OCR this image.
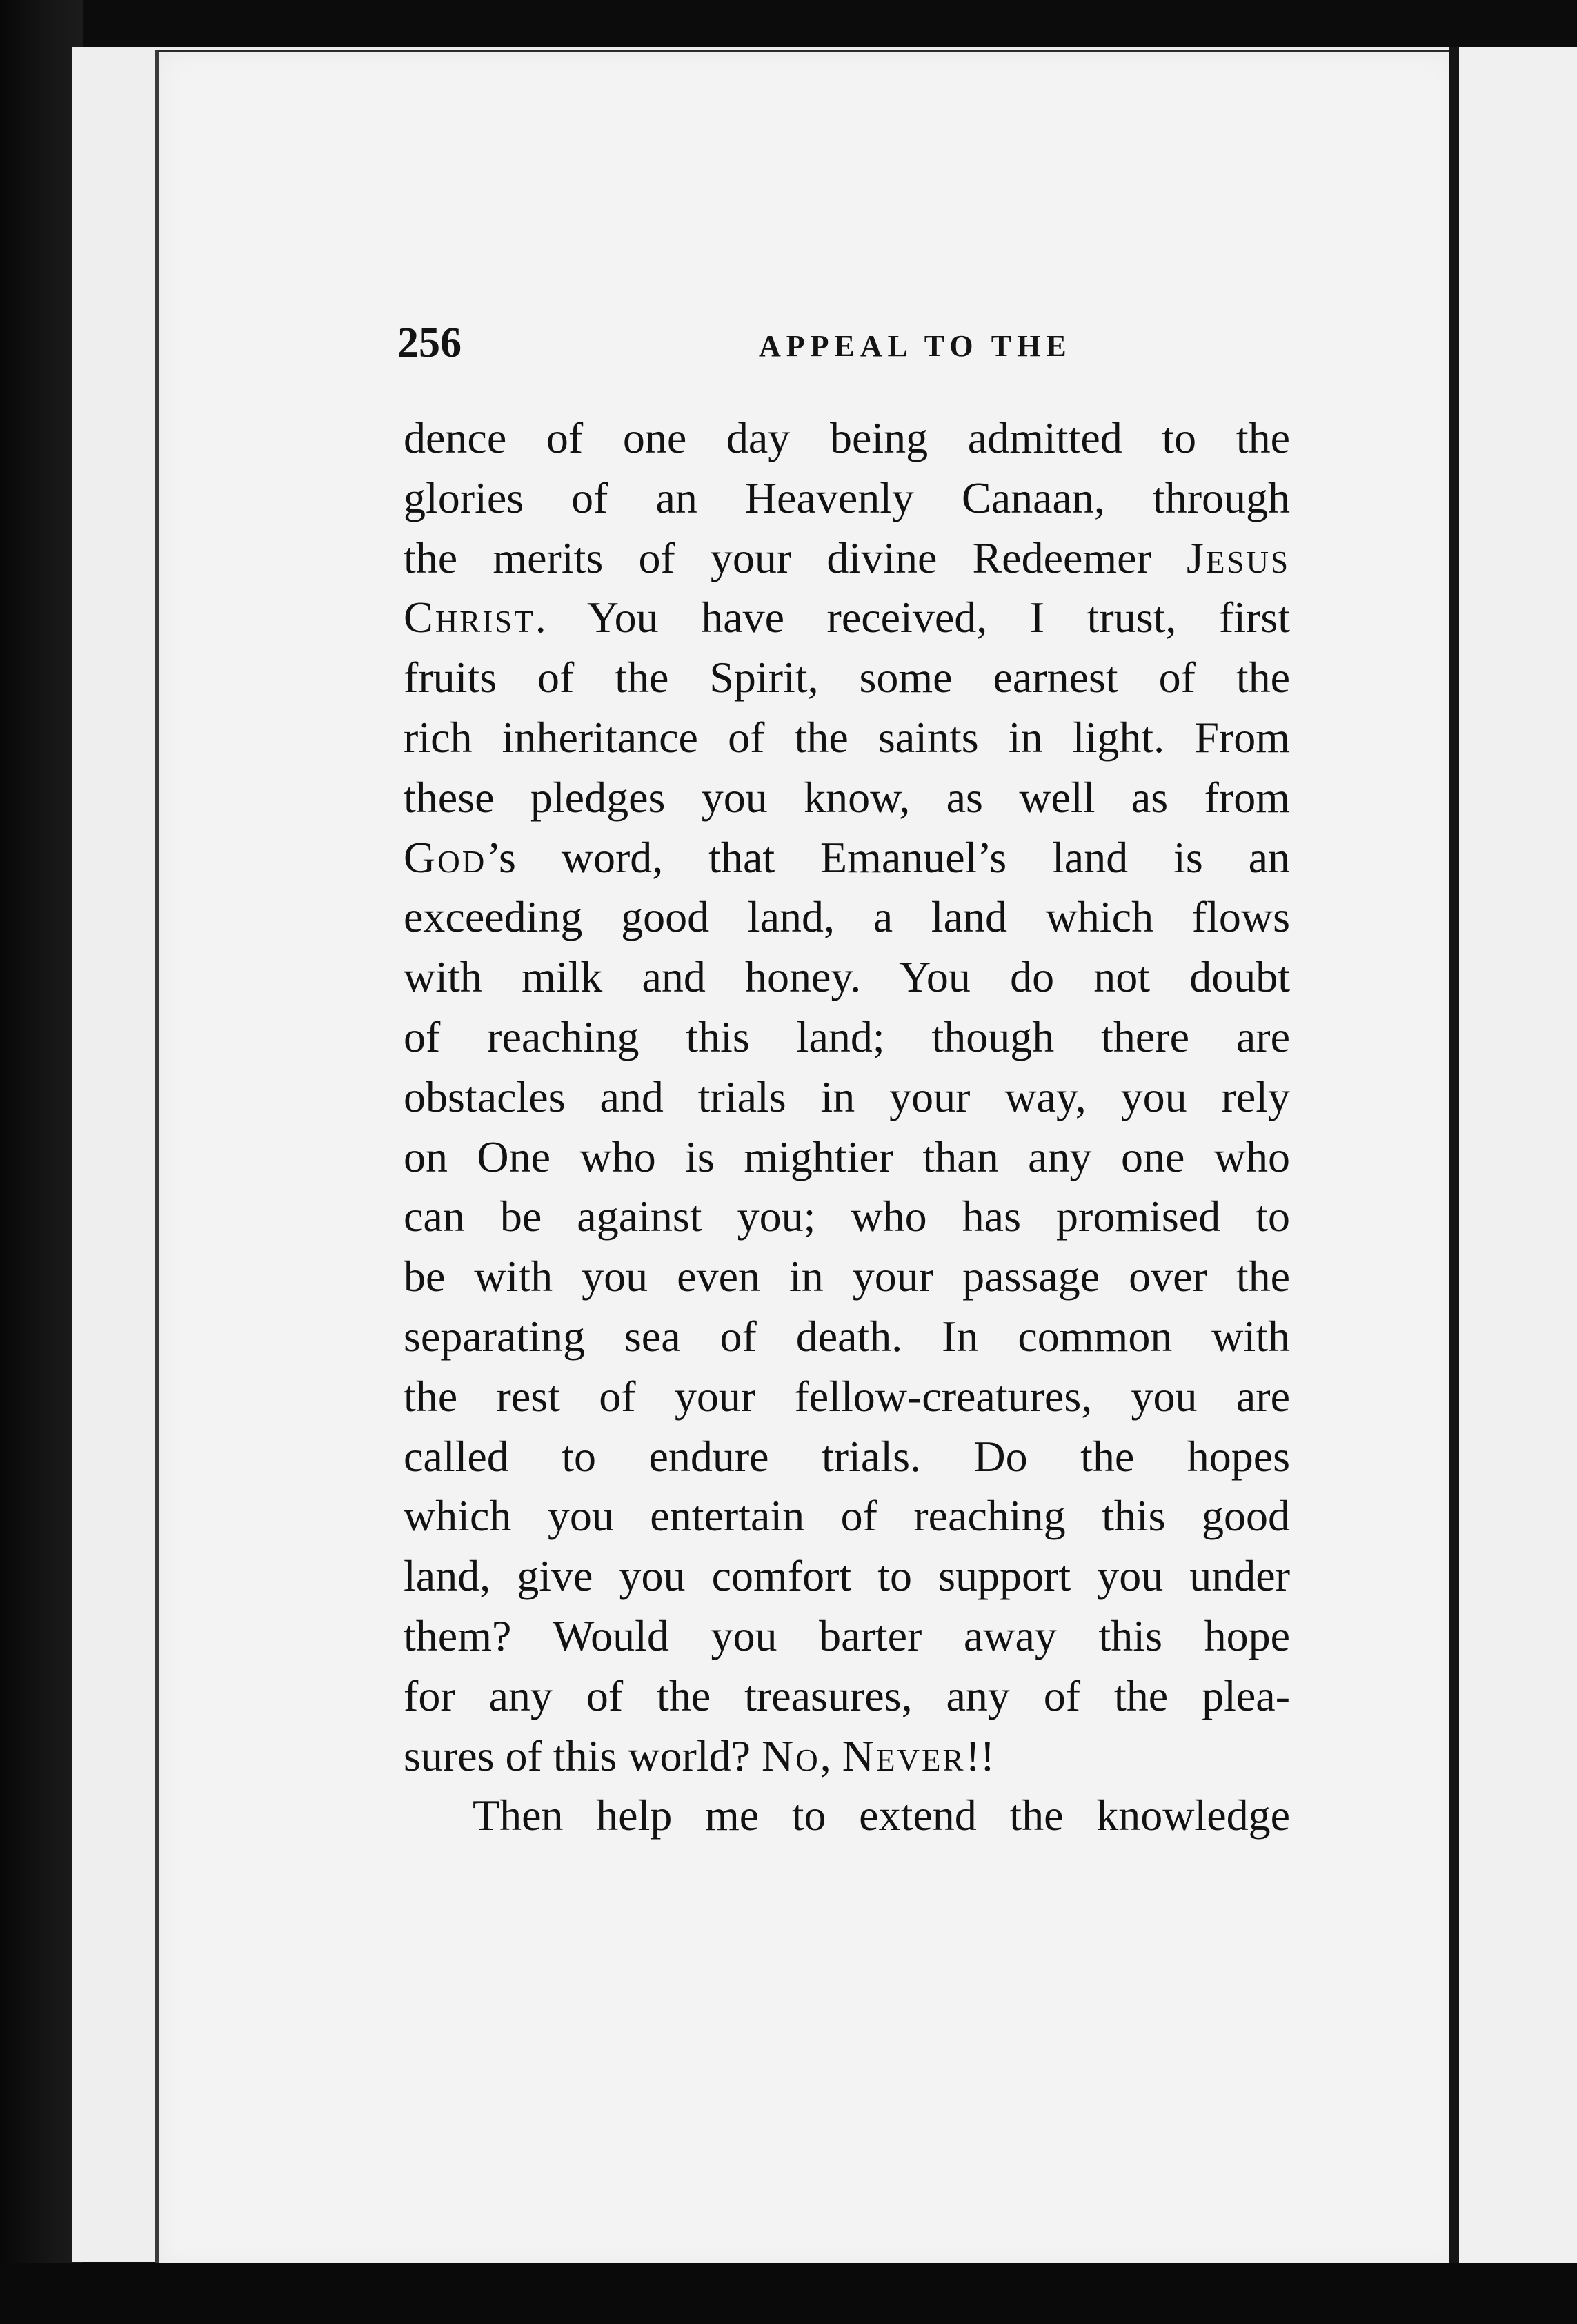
256	APPEAL TO THE
dence of one day being admitted to the
glories of an Heavenly Canaan, through
the merits of your divine Redeemer Jesus
Christ. You have received, I trust, first
fruits of the Spirit, some earnest of the
rich inheritance of the saints in light. From
these pledges you know, as well as from
God’s word, that Emanuel’s land is an
exceeding good land, a land which flows
with milk and honey. You do not doubt
of reaching this land; though there are
obstacles and trials in your way, you rely
on One who is mightier than any one who
can be against you; who has promised to
be with you even in your passage over the
separating sea of death. In common with
the rest of your fellow-creatures, you are
called to endure trials. Do the hopes
which you entertain of reaching this good
land, give you comfort to support you under
them? Would you barter away this hope
for any of the treasures, any of the plea-
sures of this world? No, Never!!
Then help me to extend the knowledge
